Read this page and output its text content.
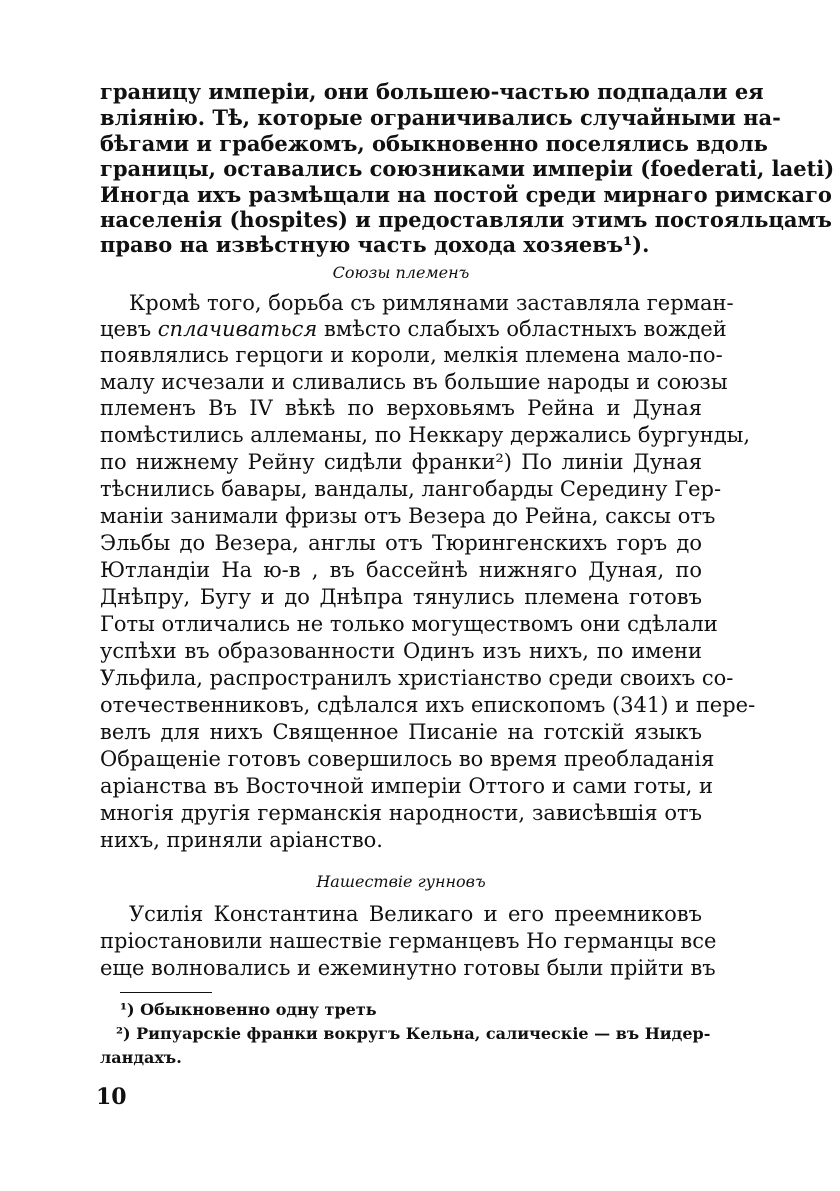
границу имперіи, они большею-частью подпадали ея
вліянію. Тѣ, которые ограничивались случайными на-
бѣгами и грабежомъ, обыкновенно поселялись вдоль
границы, оставались союзниками имперіи (foederati, laeti)
Иногда ихъ размѣщали на постой среди мирнаго римскаго
населенія (hospites) и предоставляли этимъ постояльцамъ
право на извѣстную часть дохода хозяевъ¹).
Союзы племенъ
Кромѣ того, борьба съ римлянами заставляла герман-
цевъ сплачиваться вмѣсто слабыхъ областныхъ вождей
появлялись герцоги и короли, мелкія племена мало-по-
малу исчезали и сливались въ большие народы и союзы
племенъ Въ IV вѣкѣ по верховьямъ Рейна и Дуная
помѣстились аллеманы, по Неккару держались бургунды,
по нижнему Рейну сидѣли франки²) По линіи Дуная
тѣснились бавары, вандалы, лангобарды Середину Гер-
маніи занимали фризы отъ Везера до Рейна, саксы отъ
Эльбы до Везера, англы отъ Тюрингенскихъ горъ до
Ютландіи На ю-в , въ бассейнѣ нижняго Дуная, по
Днѣпру, Бугу и до Днѣпра тянулись племена готовъ
Готы отличались не только могуществомъ они сдѣлали
успѣхи въ образованности Одинъ изъ нихъ, по имени
Ульфила, распространилъ христіанство среди своихъ со-
отечественниковъ, сдѣлался ихъ епископомъ (341) и пере-
велъ для нихъ Священное Писаніе на готскій языкъ
Обращеніе готовъ совершилось во время преобладанія
аріанства въ Восточной имперіи Оттого и сами готы, и
многія другія германскія народности, зависѣвшія отъ
нихъ, приняли аріанство.
Нашествіе гунновъ
Усилія Константина Великаго и его преемниковъ
пріостановили нашествіе германцевъ Но германцы все
еще волновались и ежеминутно готовы были прійти въ
¹) Обыкновенно одну треть
²) Рипуарскіе франки вокругъ Кельна, салическіе — въ Нидер-
ландахъ.
10
